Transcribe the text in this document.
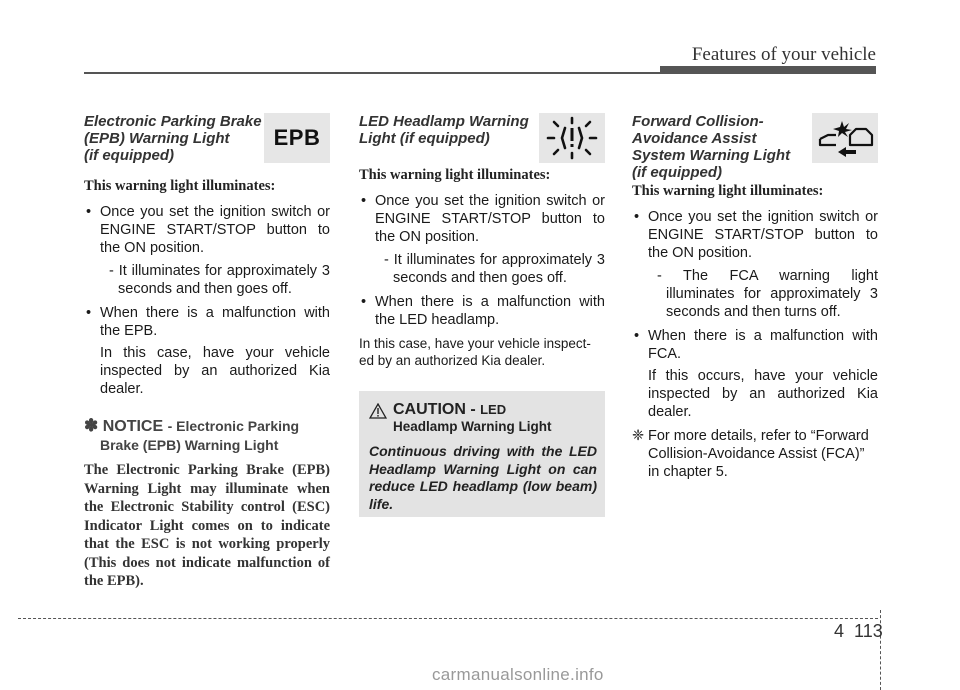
Features of your vehicle
Electronic Parking Brake
(EPB) Warning Light
(if equipped)
EPB
This warning light illuminates:
• Once you set the ignition switch or ENGINE START/STOP button to the ON position.
- It illuminates for approximately 3 seconds and then goes off.
• When there is a malfunction with the EPB.
In this case, have your vehicle inspected by an authorized Kia dealer.
✽ NOTICE - Electronic Parking
Brake (EPB) Warning Light
The Electronic Parking Brake (EPB) Warning Light may illuminate when the Electronic Stability control (ESC) Indicator Light comes on to indicate that the ESC is not working properly (This does not indicate malfunction of the EPB).
LED Headlamp Warning
Light (if equipped)
This warning light illuminates:
• Once you set the ignition switch or ENGINE START/STOP button to the ON position.
- It illuminates for approximately 3 seconds and then goes off.
• When there is a malfunction with the LED headlamp.
In this case, have your vehicle inspect-ed by an authorized Kia dealer.
CAUTION - LED
Headlamp Warning Light
Continuous driving with the LED Headlamp Warning Light on can reduce LED headlamp (low beam) life.
Forward Collision-
Avoidance Assist
System Warning Light
(if equipped)
This warning light illuminates:
• Once you set the ignition switch or ENGINE START/STOP button to the ON position.
- The FCA warning light illuminates for approximately 3 seconds and then turns off.
• When there is a malfunction with FCA.
If this occurs, have your vehicle inspected by an authorized Kia dealer.
❈ For more details, refer to “Forward Collision-Avoidance Assist (FCA)” in chapter 5.
4 113
carmanualsonline.info
